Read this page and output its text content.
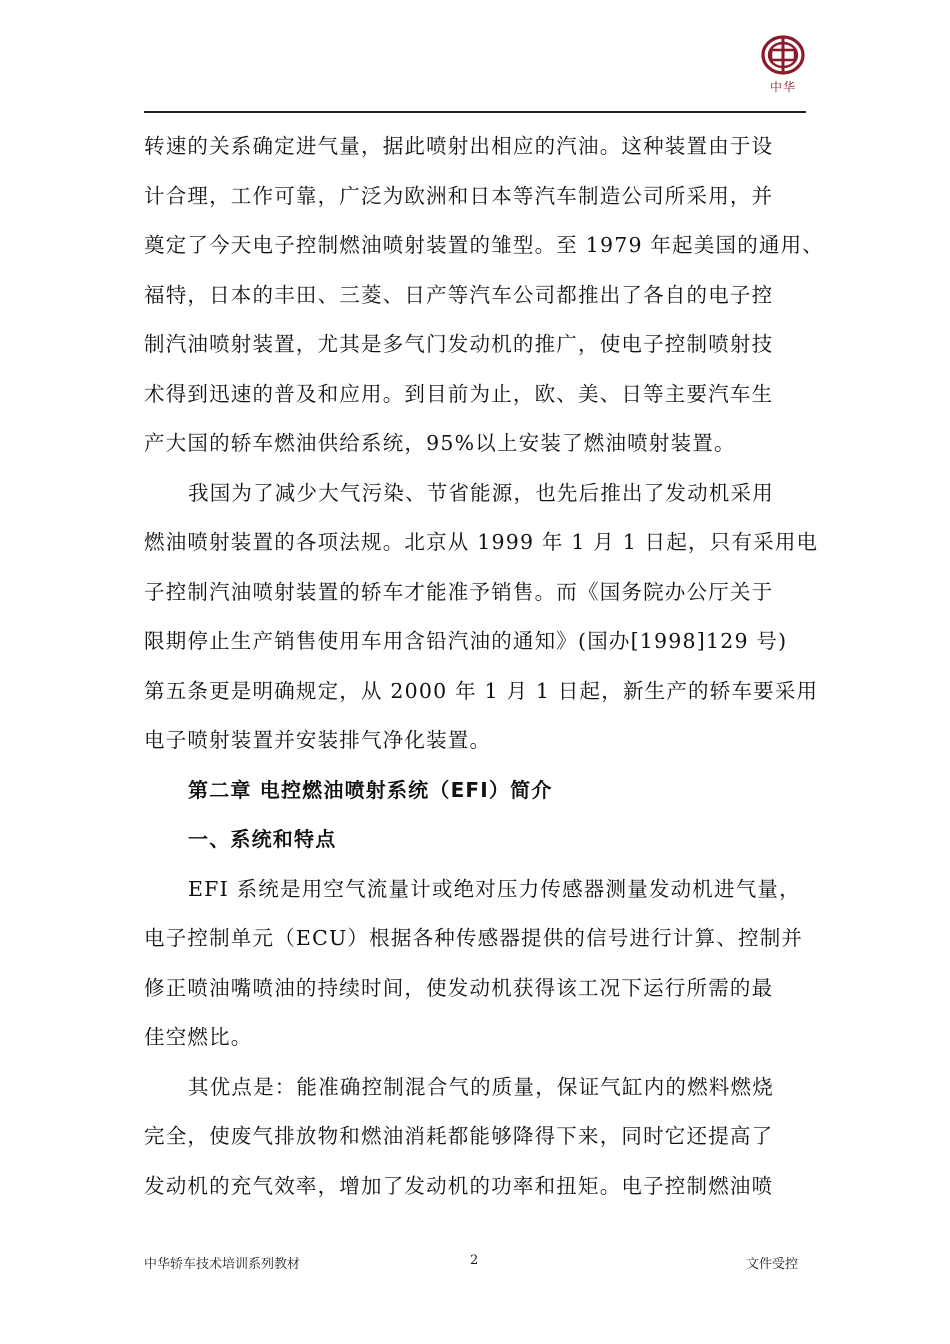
中华
转速的关系确定进气量，据此喷射出相应的汽油。这种装置由于设
计合理，工作可靠，广泛为欧洲和日本等汽车制造公司所采用，并
奠定了今天电子控制燃油喷射装置的雏型。至 1979 年起美国的通用、
福特，日本的丰田、三菱、日产等汽车公司都推出了各自的电子控
制汽油喷射装置，尤其是多气门发动机的推广，使电子控制喷射技
术得到迅速的普及和应用。到目前为止，欧、美、日等主要汽车生
产大国的轿车燃油供给系统，95%以上安装了燃油喷射装置。
我国为了减少大气污染、节省能源，也先后推出了发动机采用
燃油喷射装置的各项法规。北京从 1999 年 1 月 1 日起，只有采用电
子控制汽油喷射装置的轿车才能准予销售。而《国务院办公厅关于
限期停止生产销售使用车用含铅汽油的通知》(国办[1998]129 号)
第五条更是明确规定，从 2000 年 1 月 1 日起，新生产的轿车要采用
电子喷射装置并安装排气净化装置。
第二章 电控燃油喷射系统（EFI）简介
一、系统和特点
EFI 系统是用空气流量计或绝对压力传感器测量发动机进气量，
电子控制单元（ECU）根据各种传感器提供的信号进行计算、控制并
修正喷油嘴喷油的持续时间，使发动机获得该工况下运行所需的最
佳空燃比。
其优点是：能准确控制混合气的质量，保证气缸内的燃料燃烧
完全，使废气排放物和燃油消耗都能够降得下来，同时它还提高了
发动机的充气效率，增加了发动机的功率和扭矩。电子控制燃油喷
中华轿车技术培训系列教材	2	文件受控
